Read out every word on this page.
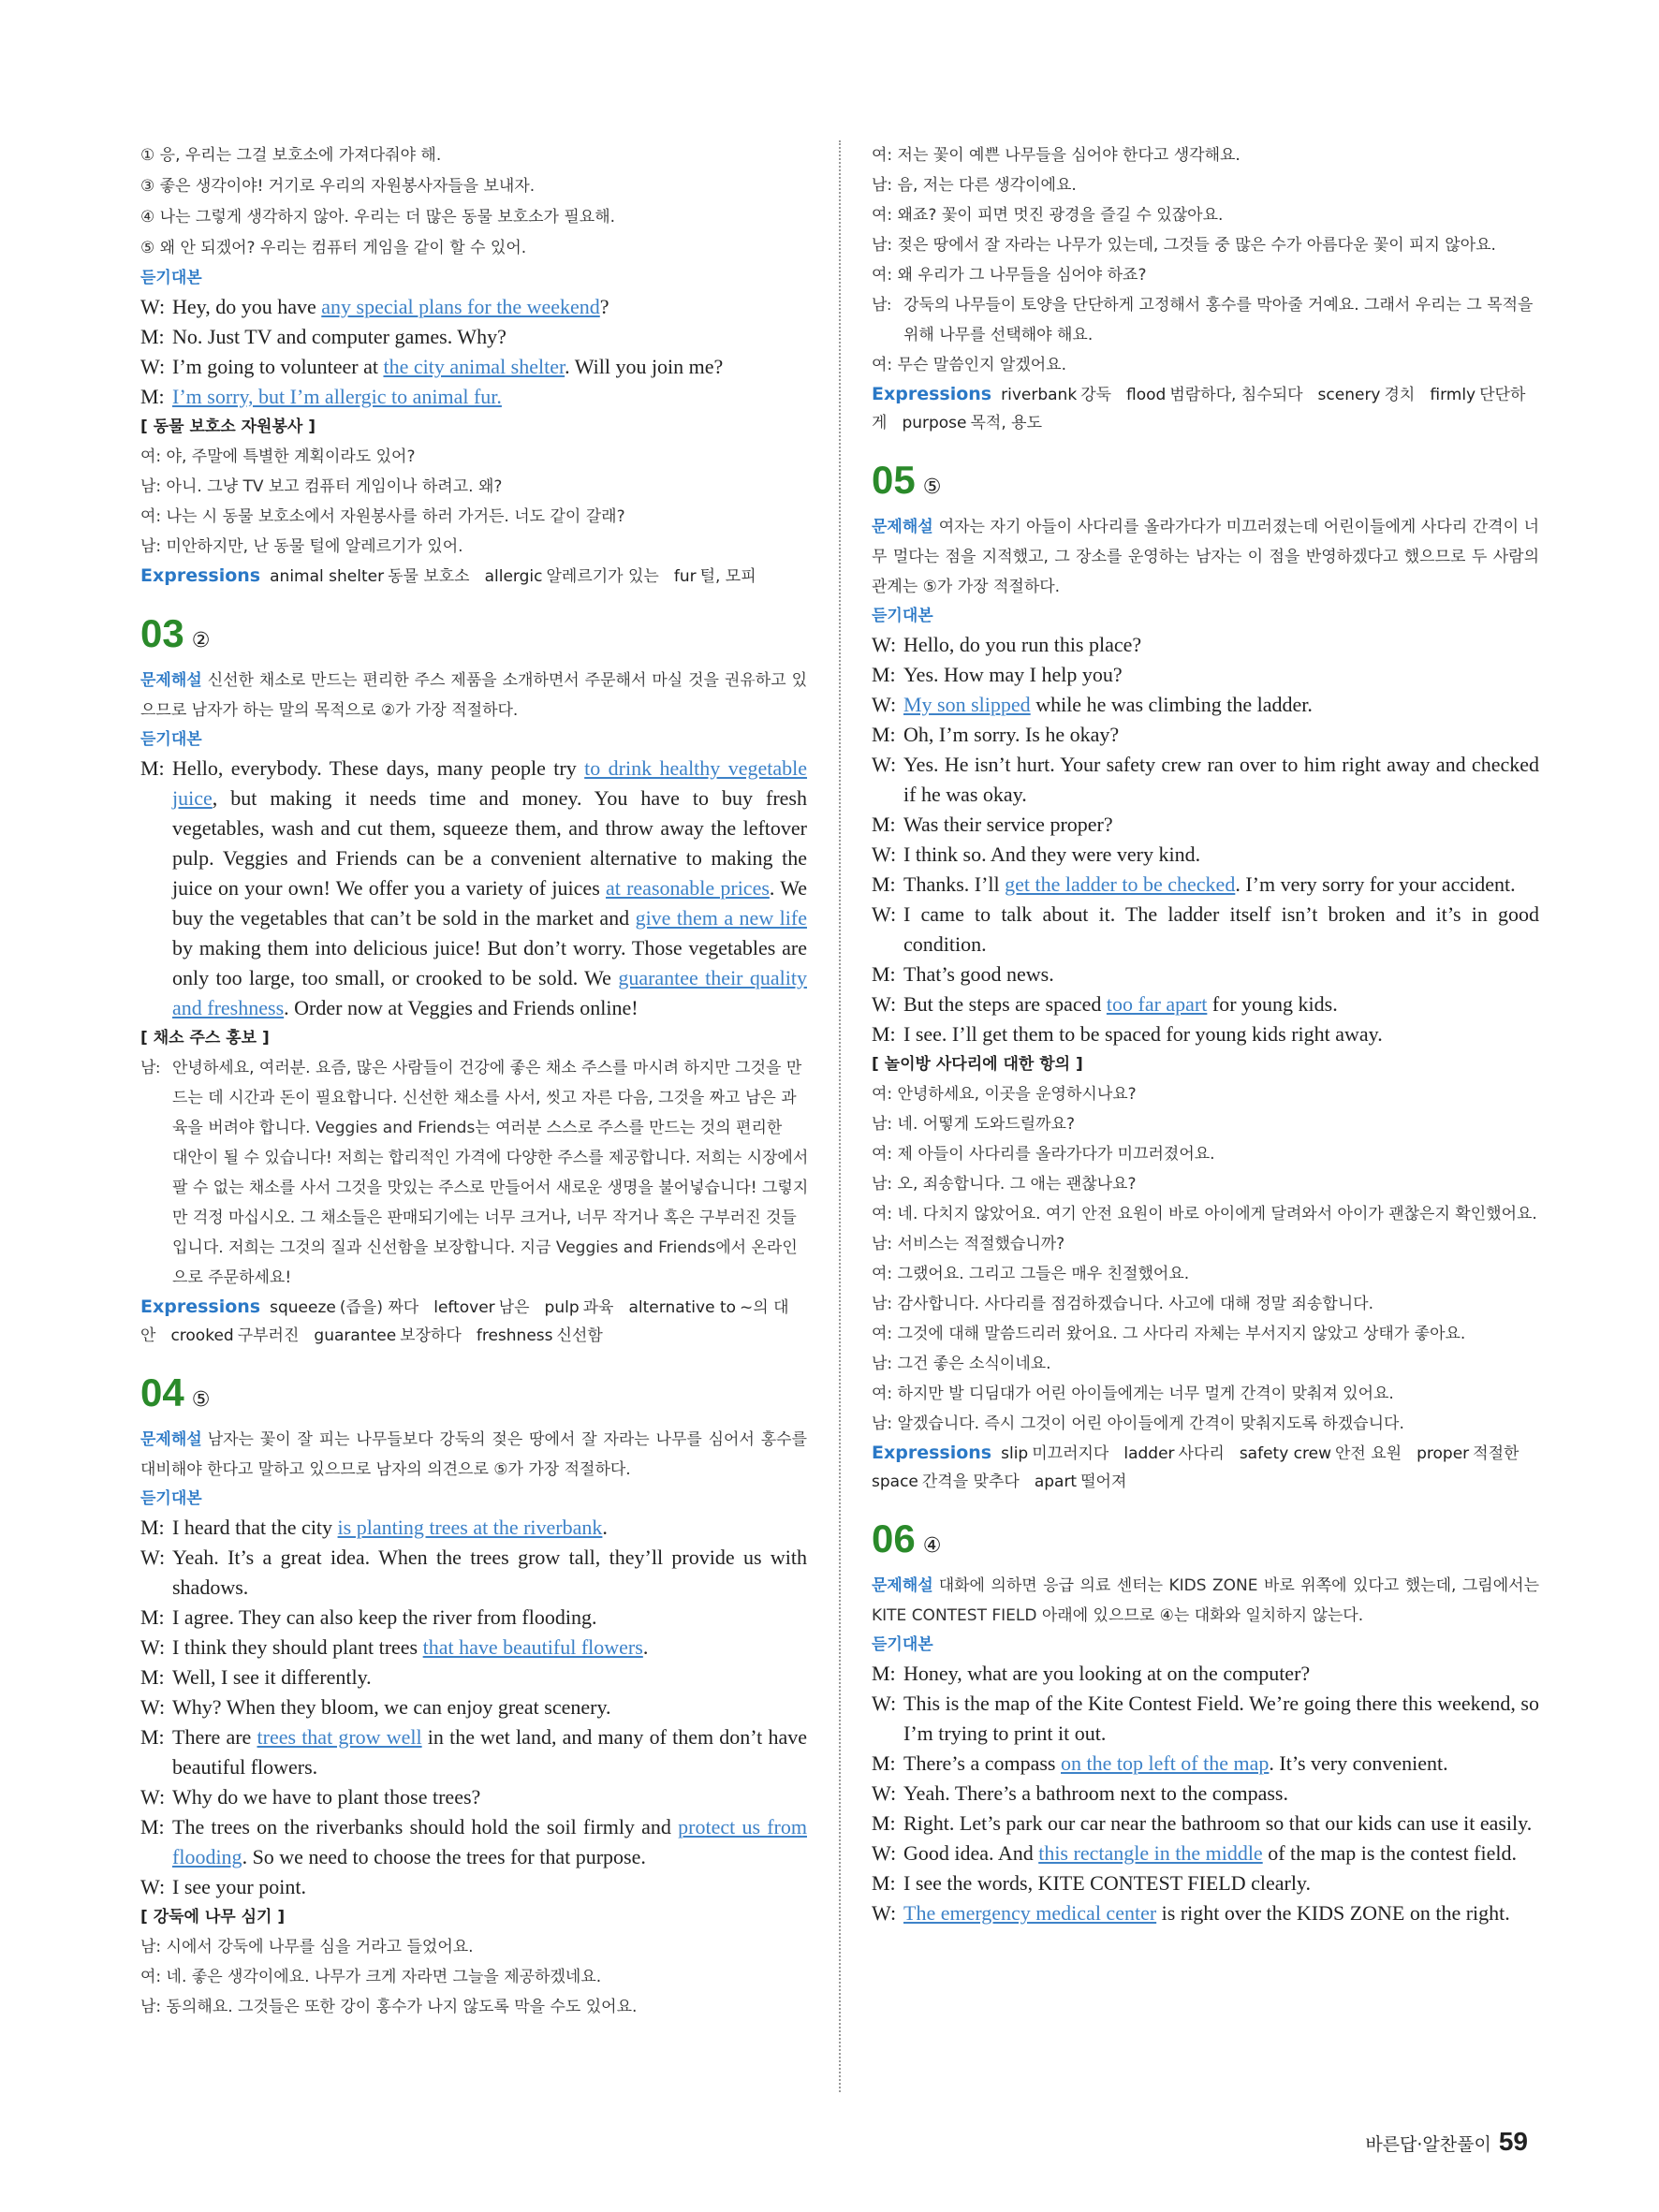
① 응, 우리는 그걸 보호소에 가져다줘야 해.
③ 좋은 생각이야! 거기로 우리의 자원봉사자들을 보내자.
④ 나는 그렇게 생각하지 않아. 우리는 더 많은 동물 보호소가 필요해.
⑤ 왜 안 되겠어? 우리는 컴퓨터 게임을 같이 할 수 있어.
듣기대본
W: Hey, do you have any special plans for the weekend?
M: No. Just TV and computer games. Why?
W: I’m going to volunteer at the city animal shelter. Will you join me?
M: I’m sorry, but I’m allergic to animal fur.
[ 동물 보호소 자원봉사 ]
여: 야, 주말에 특별한 계획이라도 있어?
남: 아니. 그냥 TV 보고 컴퓨터 게임이나 하려고. 왜?
여: 나는 시 동물 보호소에서 자원봉사를 하러 가거든. 너도 같이 갈래?
남: 미안하지만, 난 동물 털에 알레르기가 있어.
Expressions animal shelter 동물 보호소 allergic 알레르기가 있는 fur 털, 모피
03 ②
문제해설 신선한 채소로 만드는 편리한 주스 제품을 소개하면서 주문해서 마실 것을 권유하고 있으므로 남자가 하는 말의 목적으로 ②가 가장 적절하다.
듣기대본
M: Hello, everybody. These days, many people try to drink healthy vegetable juice, but making it needs time and money. You have to buy fresh vegetables, wash and cut them, squeeze them, and throw away the leftover pulp. Veggies and Friends can be a convenient alternative to making the juice on your own! We offer you a variety of juices at reasonable prices. We buy the vegetables that can’t be sold in the market and give them a new life by making them into delicious juice! But don’t worry. Those vegetables are only too large, too small, or crooked to be sold. We guarantee their quality and freshness. Order now at Veggies and Friends online!
[ 채소 주스 홍보 ]
남: 안녕하세요, 여러분. 요즘, 많은 사람들이 건강에 좋은 채소 주스를 마시려 하지만 그것을 만
드는 데 시간과 돈이 필요합니다. 신선한 채소를 사서, 씻고 자른 다음, 그것을 짜고 남은 과
육을 버려야 합니다. Veggies and Friends는 여러분 스스로 주스를 만드는 것의 편리한
대안이 될 수 있습니다! 저희는 합리적인 가격에 다양한 주스를 제공합니다. 저희는 시장에서
팔 수 없는 채소를 사서 그것을 맛있는 주스로 만들어서 새로운 생명을 불어넣습니다! 그렇지
만 걱정 마십시오. 그 채소들은 판매되기에는 너무 크거나, 너무 작거나 혹은 구부러진 것들
입니다. 저희는 그것의 질과 신선함을 보장합니다. 지금 Veggies and Friends에서 온라인
으로 주문하세요!
Expressions squeeze (즙을) 짜다 leftover 남은 pulp 과육 alternative to ~의 대안 crooked 구부러진 guarantee 보장하다 freshness 신선함
04 ⑤
문제해설 남자는 꽃이 잘 피는 나무들보다 강둑의 젖은 땅에서 잘 자라는 나무를 심어서 홍수를 대비해야 한다고 말하고 있으므로 남자의 의견으로 ⑤가 가장 적절하다.
듣기대본
M: I heard that the city is planting trees at the riverbank.
W: Yeah. It’s a great idea. When the trees grow tall, they’ll provide us with shadows.
M: I agree. They can also keep the river from flooding.
W: I think they should plant trees that have beautiful flowers.
M: Well, I see it differently.
W: Why? When they bloom, we can enjoy great scenery.
M: There are trees that grow well in the wet land, and many of them don’t have beautiful flowers.
W: Why do we have to plant those trees?
M: The trees on the riverbanks should hold the soil firmly and protect us from flooding. So we need to choose the trees for that purpose.
W: I see your point.
[ 강둑에 나무 심기 ]
남: 시에서 강둑에 나무를 심을 거라고 들었어요.
여: 네. 좋은 생각이에요. 나무가 크게 자라면 그늘을 제공하겠네요.
남: 동의해요. 그것들은 또한 강이 홍수가 나지 않도록 막을 수도 있어요.
여: 저는 꽃이 예쁜 나무들을 심어야 한다고 생각해요.
남: 음, 저는 다른 생각이에요.
여: 왜죠? 꽃이 피면 멋진 광경을 즐길 수 있잖아요.
남: 젖은 땅에서 잘 자라는 나무가 있는데, 그것들 중 많은 수가 아름다운 꽃이 피지 않아요.
여: 왜 우리가 그 나무들을 심어야 하죠?
남: 강둑의 나무들이 토양을 단단하게 고정해서 홍수를 막아줄 거예요. 그래서 우리는 그 목적을
위해 나무를 선택해야 해요.
여: 무슨 말씀인지 알겠어요.
Expressions riverbank 강둑 flood 범람하다, 침수되다 scenery 경치 firmly 단단하게 purpose 목적, 용도
05 ⑤
문제해설 여자는 자기 아들이 사다리를 올라가다가 미끄러졌는데 어린이들에게 사다리 간격이 너무 멀다는 점을 지적했고, 그 장소를 운영하는 남자는 이 점을 반영하겠다고 했으므로 두 사람의 관계는 ⑤가 가장 적절하다.
듣기대본
W: Hello, do you run this place?
M: Yes. How may I help you?
W: My son slipped while he was climbing the ladder.
M: Oh, I’m sorry. Is he okay?
W: Yes. He isn’t hurt. Your safety crew ran over to him right away and checked if he was okay.
M: Was their service proper?
W: I think so. And they were very kind.
M: Thanks. I’ll get the ladder to be checked. I’m very sorry for your accident.
W: I came to talk about it. The ladder itself isn’t broken and it’s in good condition.
M: That’s good news.
W: But the steps are spaced too far apart for young kids.
M: I see. I’ll get them to be spaced for young kids right away.
[ 놀이방 사다리에 대한 항의 ]
여: 안녕하세요, 이곳을 운영하시나요?
남: 네. 어떻게 도와드릴까요?
여: 제 아들이 사다리를 올라가다가 미끄러졌어요.
남: 오, 죄송합니다. 그 애는 괜찮나요?
여: 네. 다치지 않았어요. 여기 안전 요원이 바로 아이에게 달려와서 아이가 괜찮은지 확인했어요.
남: 서비스는 적절했습니까?
여: 그랬어요. 그리고 그들은 매우 친절했어요.
남: 감사합니다. 사다리를 점검하겠습니다. 사고에 대해 정말 죄송합니다.
여: 그것에 대해 말씀드리러 왔어요. 그 사다리 자체는 부서지지 않았고 상태가 좋아요.
남: 그건 좋은 소식이네요.
여: 하지만 발 디딤대가 어린 아이들에게는 너무 멀게 간격이 맞춰져 있어요.
남: 알겠습니다. 즉시 그것이 어린 아이들에게 간격이 맞춰지도록 하겠습니다.
Expressions slip 미끄러지다 ladder 사다리 safety crew 안전 요원 proper 적절한space 간격을 맞추다 apart 떨어져
06 ④
문제해설 대화에 의하면 응급 의료 센터는 KIDS ZONE 바로 위쪽에 있다고 했는데, 그림에서는 KITE CONTEST FIELD 아래에 있으므로 ④는 대화와 일치하지 않는다.
듣기대본
M: Honey, what are you looking at on the computer?
W: This is the map of the Kite Contest Field. We’re going there this weekend, so I’m trying to print it out.
M: There’s a compass on the top left of the map. It’s very convenient.
W: Yeah. There’s a bathroom next to the compass.
M: Right. Let’s park our car near the bathroom so that our kids can use it easily.
W: Good idea. And this rectangle in the middle of the map is the contest field.
M: I see the words, KITE CONTEST FIELD clearly.
W: The emergency medical center is right over the KIDS ZONE on the right.
바른답·알찬풀이 59
